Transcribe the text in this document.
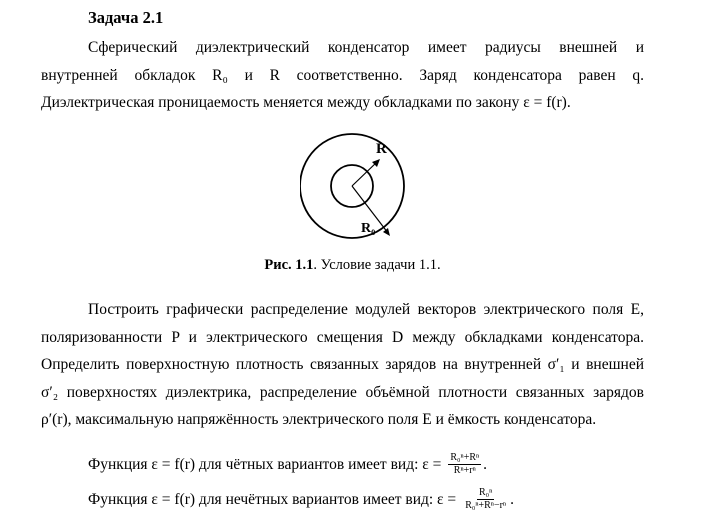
Задача 2.1
Сферический диэлектрический конденсатор имеет радиусы внешней и
внутренней обкладок R₀ и R соответственно. Заряд конденсатора равен q.
Диэлектрическая проницаемость меняется между обкладками по закону ε = f(r).
R
R₀
Рис. 1.1. Условие задачи 1.1.
Построить графически распределение модулей векторов электрического поля E,
поляризованности P и электрического смещения D между обкладками конденсатора.
Определить поверхностную плотность связанных зарядов на внутренней σ′₁ и внешней
σ′₂ поверхностях диэлектрика, распределение объёмной плотности связанных зарядов
ρ′(r), максимальную напряжённость электрического поля E и ёмкость конденсатора.
Функция ε = f(r) для чётных вариантов имеет вид: $\varepsilon = \frac{\text{R₀ⁿ+Rⁿ}}{\text{Rⁿ+rⁿ}}$ .
Функция ε = f(r) для нечётных вариантов имеет вид: $\varepsilon = \frac{\text{R₀ⁿ}}{\text{R₀ⁿ+Rⁿ−rⁿ}}$ .
